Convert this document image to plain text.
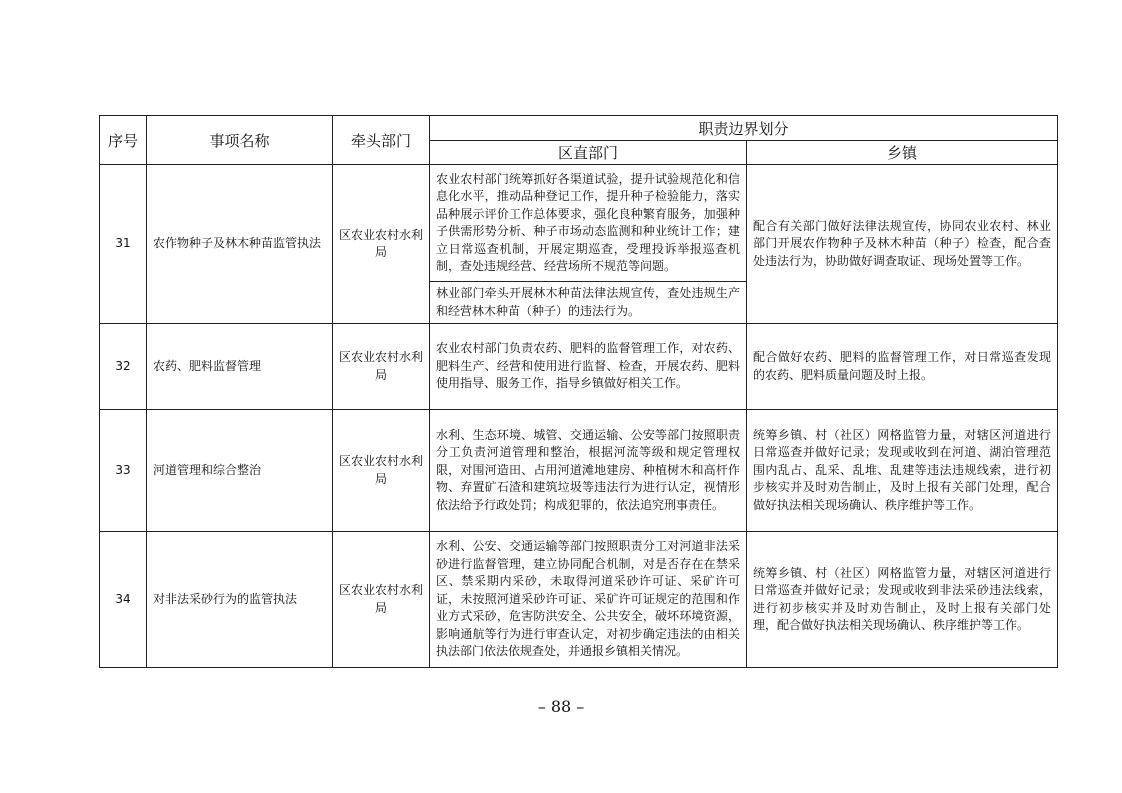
序号	事项名称	牵头部门	职责边界划分	
			区直部门	乡镇
31	农作物种子及林木种苗监管执法	区农业农村水利局	农业农村部门统筹抓好各渠道试验，提升试验规范化和信息化水平，推动品种登记工作，提升种子检验能力，落实品种展示评价工作总体要求，强化良种繁育服务，加强种子供需形势分析、种子市场动态监测和种业统计工作；建立日常巡查机制，开展定期巡查，受理投诉举报巡查机制，查处违规经营、经营场所不规范等问题。	配合有关部门做好法律法规宣传，协同农业农村、林业部门开展农作物种子及林木种苗（种子）检查，配合查处违法行为，协助做好调查取证、现场处置等工作。
			林业部门牵头开展林木种苗法律法规宣传，查处违规生产和经营林木种苗（种子）的违法行为。	
32	农药、肥料监督管理	区农业农村水利局	农业农村部门负责农药、肥料的监督管理工作，对农药、肥料生产、经营和使用进行监督、检查，开展农药、肥料使用指导、服务工作，指导乡镇做好相关工作。	配合做好农药、肥料的监督管理工作，对日常巡查发现的农药、肥料质量问题及时上报。
33	河道管理和综合整治	区农业农村水利局	水利、生态环境、城管、交通运输、公安等部门按照职责分工负责河道管理和整治，根据河流等级和规定管理权限，对围河造田、占用河道滩地建房、种植树木和高杆作物、弃置矿石渣和建筑垃圾等违法行为进行认定，视情形依法给予行政处罚；构成犯罪的，依法追究刑事责任。	统筹乡镇、村（社区）网格监管力量，对辖区河道进行日常巡查并做好记录；发现或收到在河道、湖泊管理范围内乱占、乱采、乱堆、乱建等违法违规线索，进行初步核实并及时劝告制止，及时上报有关部门处理，配合做好执法相关现场确认、秩序维护等工作。
34	对非法采砂行为的监管执法	区农业农村水利局	水利、公安、交通运输等部门按照职责分工对河道非法采砂进行监督管理，建立协同配合机制，对是否存在在禁采区、禁采期内采砂，未取得河道采砂许可证、采矿许可证，未按照河道采砂许可证、采矿许可证规定的范围和作业方式采砂，危害防洪安全、公共安全，破坏环境资源，影响通航等行为进行审查认定，对初步确定违法的由相关执法部门依法依规查处，并通报乡镇相关情况。	统筹乡镇、村（社区）网格监管力量，对辖区河道进行日常巡查并做好记录；发现或收到非法采砂违法线索，进行初步核实并及时劝告制止，及时上报有关部门处理，配合做好执法相关现场确认、秩序维护等工作。
– 88 –
